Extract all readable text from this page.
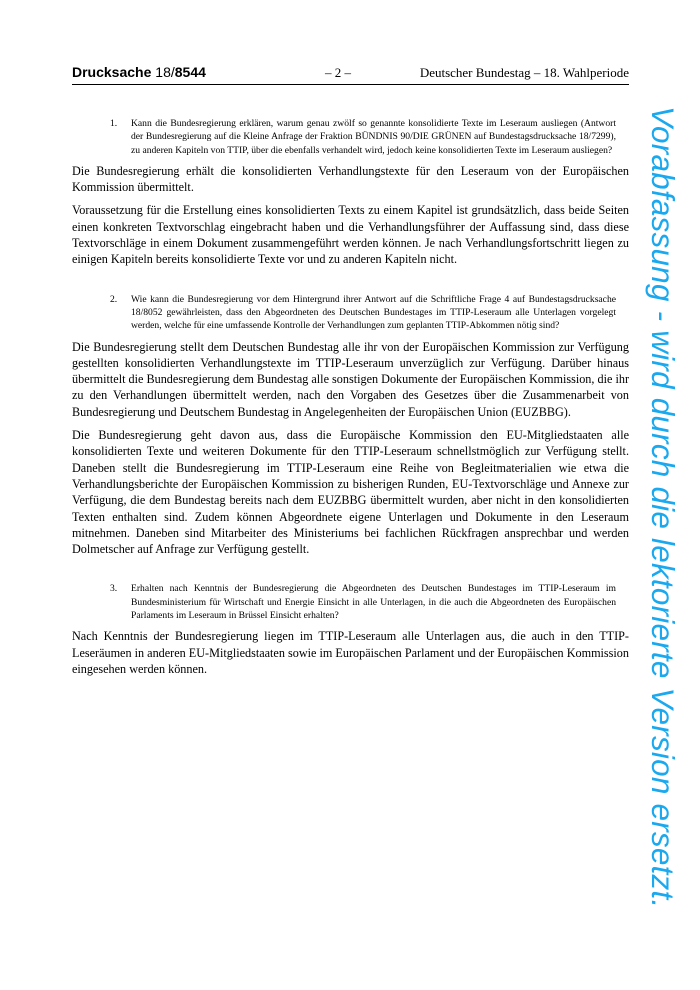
Drucksache 18/8544	– 2 –	Deutscher Bundestag – 18. Wahlperiode
1. Kann die Bundesregierung erklären, warum genau zwölf so genannte konsolidierte Texte im Leseraum ausliegen (Antwort der Bundesregierung auf die Kleine Anfrage der Fraktion BÜNDNIS 90/DIE GRÜNEN auf Bundestagsdrucksache 18/7299), zu anderen Kapiteln von TTIP, über die ebenfalls verhandelt wird, jedoch keine konsolidierten Texte im Leseraum ausliegen?

Die Bundesregierung erhält die konsolidierten Verhandlungstexte für den Leseraum von der Europäischen Kommission übermittelt.

Voraussetzung für die Erstellung eines konsolidierten Texts zu einem Kapitel ist grundsätzlich, dass beide Seiten einen konkreten Textvorschlag eingebracht haben und die Verhandlungsführer der Auffassung sind, dass diese Textvorschläge in einem Dokument zusammengeführt werden können. Je nach Verhandlungsfortschritt liegen zu einigen Kapiteln bereits konsolidierte Texte vor und zu anderen Kapiteln nicht.

2. Wie kann die Bundesregierung vor dem Hintergrund ihrer Antwort auf die Schriftliche Frage 4 auf Bundestagsdrucksache 18/8052 gewährleisten, dass den Abgeordneten des Deutschen Bundestages im TTIP-Leseraum alle Unterlagen vorgelegt werden, welche für eine umfassende Kontrolle der Verhandlungen zum geplanten TTIP-Abkommen nötig sind?

Die Bundesregierung stellt dem Deutschen Bundestag alle ihr von der Europäischen Kommission zur Verfügung gestellten konsolidierten Verhandlungstexte im TTIP-Leseraum unverzüglich zur Verfügung. Darüber hinaus übermittelt die Bundesregierung dem Bundestag alle sonstigen Dokumente der Europäischen Kommission, die ihr zu den Verhandlungen übermittelt werden, nach den Vorgaben des Gesetzes über die Zusammenarbeit von Bundesregierung und Deutschem Bundestag in Angelegenheiten der Europäischen Union (EUZBBG).

Die Bundesregierung geht davon aus, dass die Europäische Kommission den EU-Mitgliedstaaten alle konsolidierten Texte und weiteren Dokumente für den TTIP-Leseraum schnellstmöglich zur Verfügung stellt. Daneben stellt die Bundesregierung im TTIP-Leseraum eine Reihe von Begleitmaterialien wie etwa die Verhandlungsberichte der Europäischen Kommission zu bisherigen Runden, EU-Textvorschläge und Annexe zur Verfügung, die dem Bundestag bereits nach dem EUZBBG übermittelt wurden, aber nicht in den konsolidierten Texten enthalten sind. Zudem können Abgeordnete eigene Unterlagen und Dokumente in den Leseraum mitnehmen. Daneben sind Mitarbeiter des Ministeriums bei fachlichen Rückfragen ansprechbar und werden Dolmetscher auf Anfrage zur Verfügung gestellt.

3. Erhalten nach Kenntnis der Bundesregierung die Abgeordneten des Deutschen Bundestages im TTIP-Leseraum im Bundesministerium für Wirtschaft und Energie Einsicht in alle Unterlagen, in die auch die Abgeordneten des Europäischen Parlaments im Leseraum in Brüssel Einsicht erhalten?

Nach Kenntnis der Bundesregierung liegen im TTIP-Leseraum alle Unterlagen aus, die auch in den TTIP-Leseräumen in anderen EU-Mitgliedstaaten sowie im Europäischen Parlament und der Europäischen Kommission eingesehen werden können.	Vorabfassung - wird durch die lektorierte Version ersetzt.
